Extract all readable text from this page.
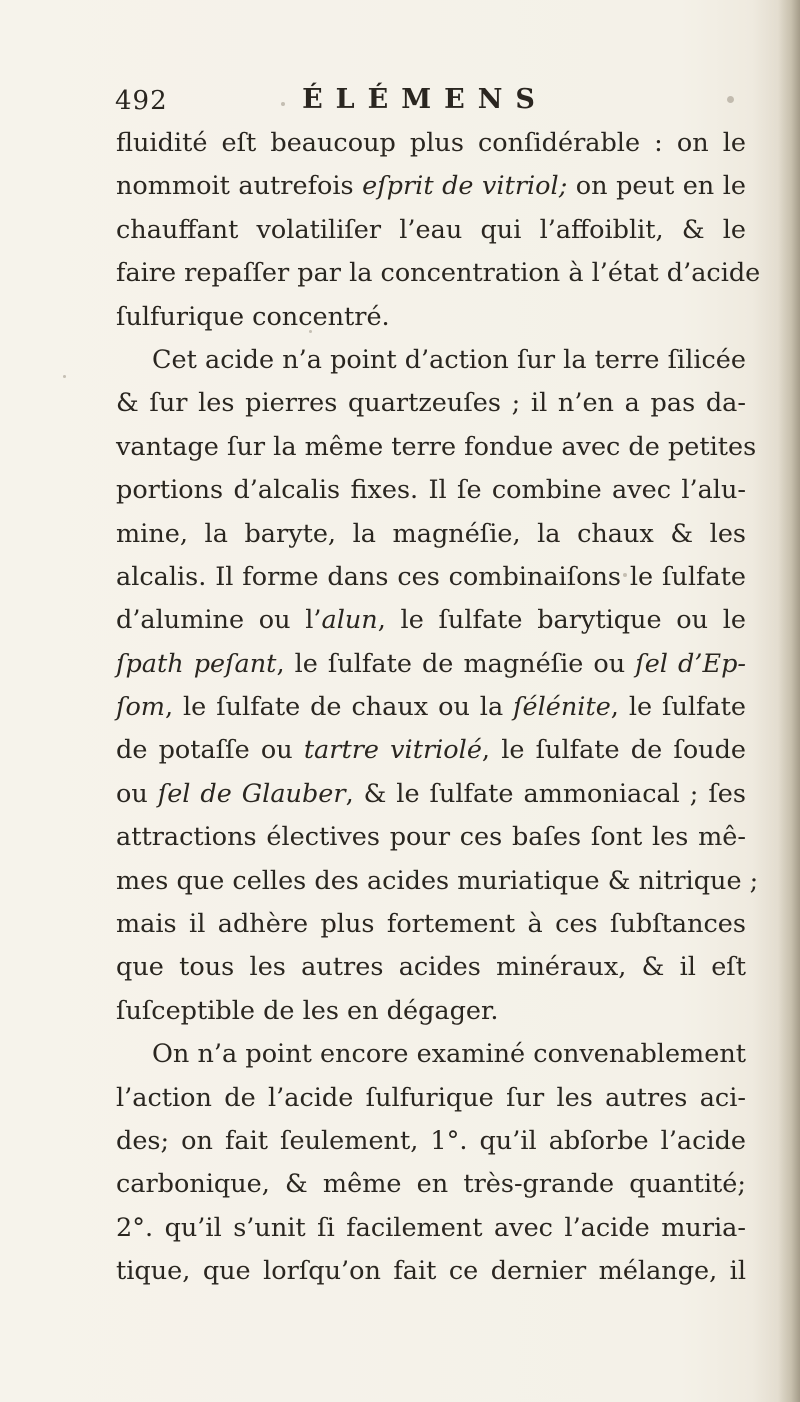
492	ÉLÉMENS
fluidité eſt beaucoup plus conſidérable : on le
nommoit autrefois eſprit de vitriol; on peut en le
chauffant volatiliſer l’eau qui l’affoiblit, & le
faire repaſſer par la concentration à l’état d’acide
ſulfurique concentré.
Cet acide n’a point d’action ſur la terre ſilicée
& ſur les pierres quartzeuſes ; il n’en a pas da-
vantage ſur la même terre fondue avec de petites
portions d’alcalis fixes. Il ſe combine avec l’alu-
mine, la baryte, la magnéſie, la chaux & les
alcalis. Il forme dans ces combinaiſons le ſulfate
d’alumine ou l’alun, le ſulfate barytique ou le
ſpath peſant, le ſulfate de magnéſie ou ſel d’Ep-
ſom, le ſulfate de chaux ou la ſélénite, le ſulfate
de potaſſe ou tartre vitriolé, le ſulfate de ſoude
ou ſel de Glauber, & le ſulfate ammoniacal ; ſes
attractions électives pour ces baſes ſont les mê-
mes que celles des acides muriatique & nitrique ;
mais il adhère plus fortement à ces ſubſtances
que tous les autres acides minéraux, & il eſt
ſuſceptible de les en dégager.
On n’a point encore examiné convenablement
l’action de l’acide ſulfurique ſur les autres aci-
des; on fait ſeulement, 1°. qu’il abſorbe l’acide
carbonique, & même en très-grande quantité;
2°. qu’il s’unit ſi facilement avec l’acide muria-
tique, que lorſqu’on fait ce dernier mélange, il
